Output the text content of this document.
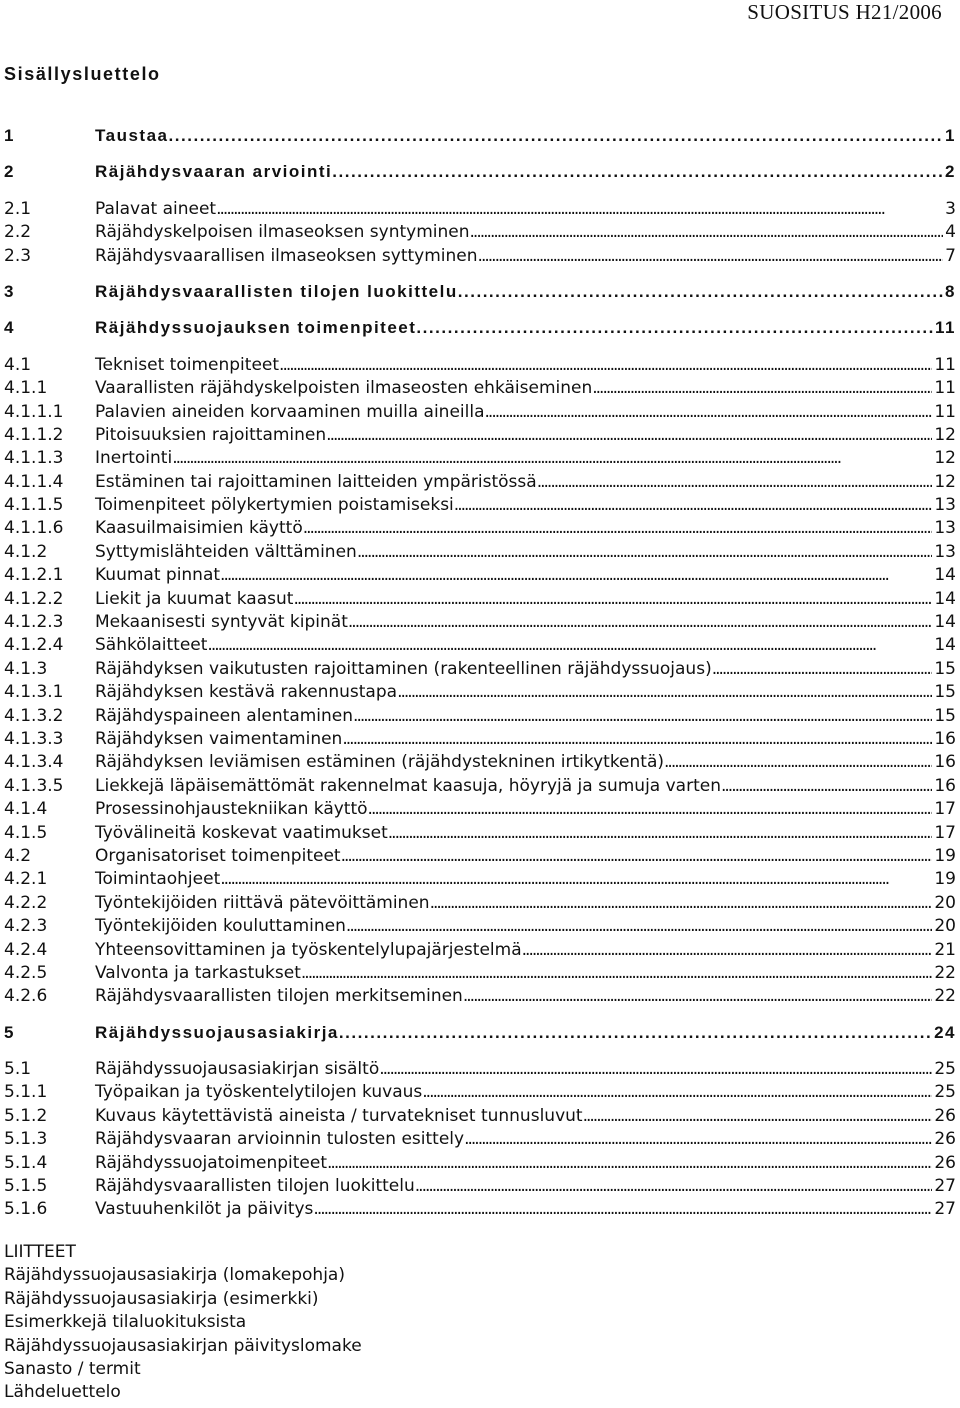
SUOSITUS H21/2006
Sisällysluettelo
1	Taustaa . . .	1
2	Räjähdysvaaran arviointi . . .	2
2.1	Palavat aineet . . .	3
2.2	Räjähdyskelpoisen ilmaseoksen syntyminen . . .	4
2.3	Räjähdysvaarallisen ilmaseoksen syttyminen . . .	7
3	Räjähdysvaarallisten tilojen luokittelu . . .	8
4	Räjähdyssuojauksen toimenpiteet . . .	11
4.1	Tekniset toimenpiteet . . .	11
4.1.1	Vaarallisten räjähdyskelpoisten ilmaseosten ehkäiseminen . . .	11
4.1.1.1	Palavien aineiden korvaaminen muilla aineilla . . .	11
4.1.1.2	Pitoisuuksien rajoittaminen . . .	12
4.1.1.3	Inertointi . . .	12
4.1.1.4	Estäminen tai rajoittaminen laitteiden ympäristössä . . .	12
4.1.1.5	Toimenpiteet pölykertymien poistamiseksi . . .	13
4.1.1.6	Kaasuilmaisimien käyttö . . .	13
4.1.2	Syttymislähteiden välttäminen . . .	13
4.1.2.1	Kuumat pinnat . . .	14
4.1.2.2	Liekit ja kuumat kaasut . . .	14
4.1.2.3	Mekaanisesti syntyvät kipinät . . .	14
4.1.2.4	Sähkölaitteet . . .	14
4.1.3	Räjähdyksen vaikutusten rajoittaminen (rakenteellinen räjähdyssuojaus) . . .	15
4.1.3.1	Räjähdyksen kestävä rakennustapa . . .	15
4.1.3.2	Räjähdyspaineen alentaminen . . .	15
4.1.3.3	Räjähdyksen vaimentaminen . . .	16
4.1.3.4	Räjähdyksen leviämisen estäminen (räjähdystekninen irtikytkentä) . . .	16
4.1.3.5	Liekkejä läpäisemättömät rakennelmat kaasuja, höyryjä ja sumuja varten . . .	16
4.1.4	Prosessinohjaustekniikan käyttö . . .	17
4.1.5	Työvälineitä koskevat vaatimukset . . .	17
4.2	Organisatoriset toimenpiteet . . .	19
4.2.1	Toimintaohjeet . . .	19
4.2.2	Työntekijöiden riittävä pätevöittäminen . . .	20
4.2.3	Työntekijöiden kouluttaminen . . .	20
4.2.4	Yhteensovittaminen ja työskentelylupajärjestelmä . . .	21
4.2.5	Valvonta ja tarkastukset . . .	22
4.2.6	Räjähdysvaarallisten tilojen merkitseminen . . .	22
5	Räjähdyssuojausasiakirja . . .	24
5.1	Räjähdyssuojausasiakirjan sisältö . . .	25
5.1.1	Työpaikan ja työskentelytilojen kuvaus . . .	25
5.1.2	Kuvaus käytettävistä aineista / turvatekniset tunnusluvut . . .	26
5.1.3	Räjähdysvaaran arvioinnin tulosten esittely . . .	26
5.1.4	Räjähdyssuojatoimenpiteet . . .	26
5.1.5	Räjähdysvaarallisten tilojen luokittelu . . .	27
5.1.6	Vastuuhenkilöt ja päivitys . . .	27
LIITTEET
Räjähdyssuojausasiakirja (lomakepohja)
Räjähdyssuojausasiakirja (esimerkki)
Esimerkkejä tilaluokituksista
Räjähdyssuojausasiakirjan päivityslomake
Sanasto / termit
Lähdeluettelo
